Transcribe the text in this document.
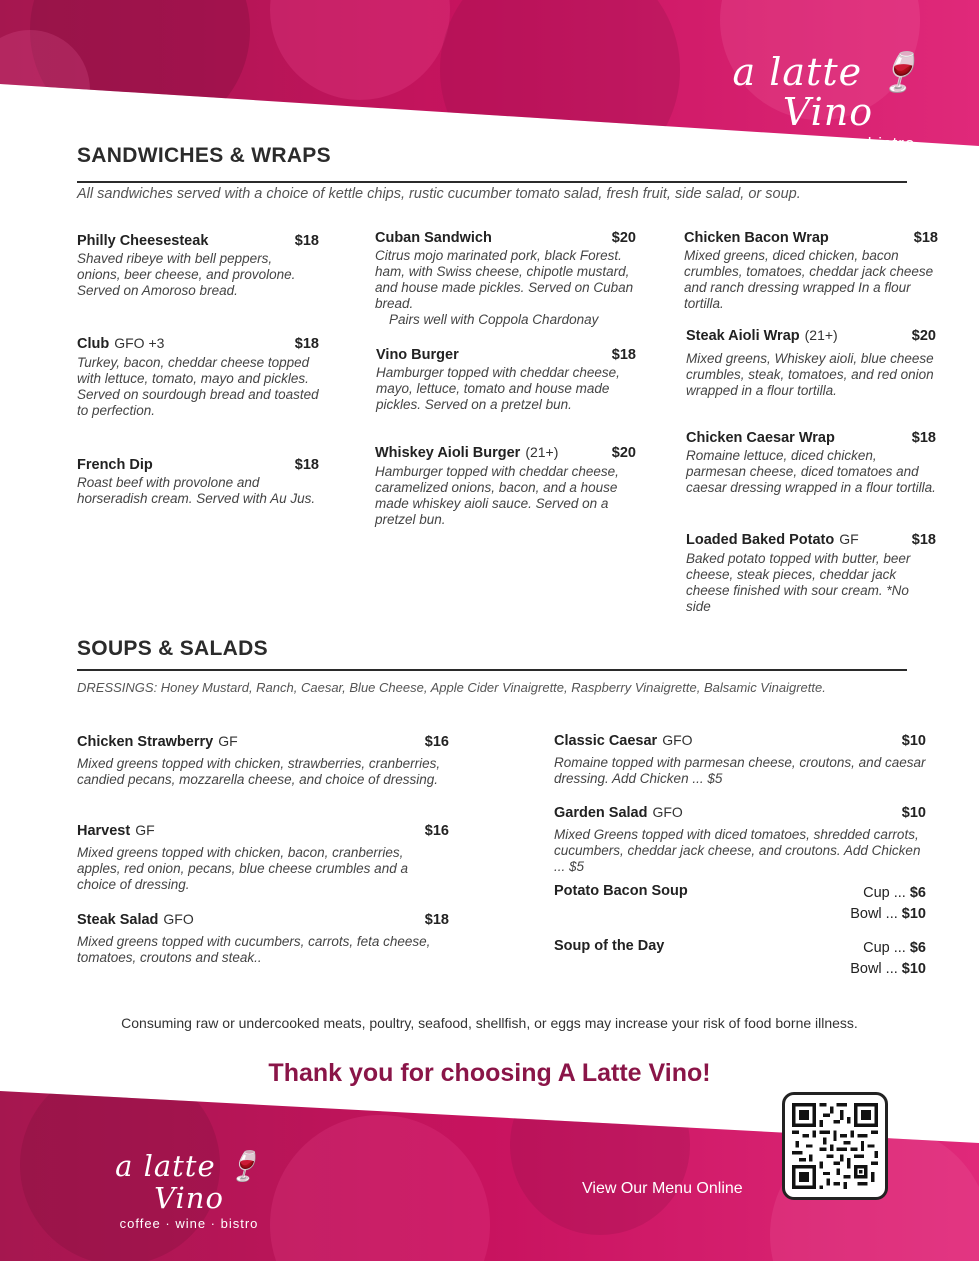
a latte 🍷Vino
coffee · wine · bistro
SANDWICHES & WRAPS
All sandwiches served with a choice of kettle chips, rustic cucumber tomato salad, fresh fruit, side salad, or soup.
Philly Cheesesteak	$18
Shaved ribeye with bell peppers, onions, beer cheese, and provolone. Served on Amoroso bread.
Club GFO +3	$18
Turkey, bacon, cheddar cheese topped with lettuce, tomato, mayo and pickles. Served on sourdough bread and toasted to perfection.
French Dip	$18
Roast beef with provolone and horseradish cream. Served with Au Jus.
Cuban Sandwich	$20
Citrus mojo marinated pork, black Forest. ham, with Swiss cheese, chipotle mustard, and house made pickles. Served on Cuban bread.
Pairs well with Coppola Chardonay
Vino Burger	$18
Hamburger topped with cheddar cheese, mayo, lettuce, tomato and house made pickles. Served on a pretzel bun.
Whiskey Aioli Burger (21+)	$20
Hamburger topped with cheddar cheese, caramelized onions, bacon, and a house made whiskey aioli sauce. Served on a pretzel bun.
Chicken Bacon Wrap	$18
Mixed greens, diced chicken, bacon crumbles, tomatoes, cheddar jack cheese and ranch dressing wrapped In a flour tortilla.
Steak Aioli Wrap (21+)	$20
Mixed greens, Whiskey aioli, blue cheese crumbles, steak, tomatoes, and red onion wrapped in a flour tortilla.
Chicken Caesar Wrap	$18
Romaine lettuce, diced chicken, parmesan cheese, diced tomatoes and caesar dressing wrapped in a flour tortilla.
Loaded Baked Potato GF	$18
Baked potato topped with butter, beer cheese, steak pieces, cheddar jack cheese finished with sour cream. *No side
SOUPS & SALADS
DRESSINGS: Honey Mustard, Ranch, Caesar, Blue Cheese, Apple Cider Vinaigrette, Raspberry Vinaigrette, Balsamic Vinaigrette.
Chicken Strawberry GF	$16
Mixed greens topped with chicken, strawberries, cranberries, candied pecans, mozzarella cheese, and choice of dressing.
Harvest GF	$16
Mixed greens topped with chicken, bacon, cranberries, apples, red onion, pecans, blue cheese crumbles and a choice of dressing.
Steak Salad GFO	$18
Mixed greens topped with cucumbers, carrots, feta cheese, tomatoes, croutons and steak..
Classic Caesar GFO	$10
Romaine topped with parmesan cheese, croutons, and caesar dressing. Add Chicken ... $5
Garden Salad GFO	$10
Mixed Greens topped with diced tomatoes, shredded carrots, cucumbers, cheddar jack cheese, and croutons. Add Chicken ... $5
Potato Bacon Soup	Cup ... $6
Bowl ... $10
Soup of the Day	Cup ... $6
Bowl ... $10
Consuming raw or undercooked meats, poultry, seafood, shellfish, or eggs may increase your risk of food borne illness.
Thank you for choosing A Latte Vino!
a latte 🍷Vino
coffee · wine · bistro
View Our Menu Online
